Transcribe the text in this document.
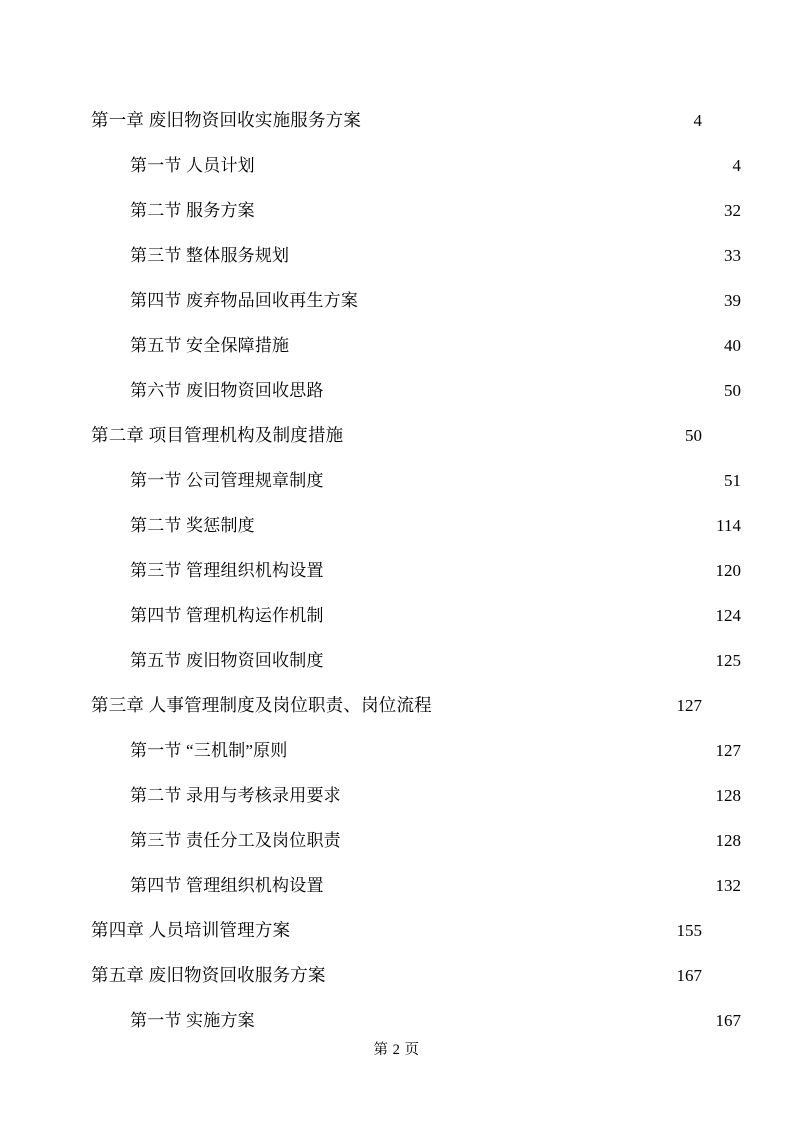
第一章 废旧物资回收实施服务方案 .....	4
第一节 人员计划 .....	4
第二节 服务方案 .....	32
第三节 整体服务规划 .....	33
第四节 废弃物品回收再生方案 .....	39
第五节 安全保障措施 .....	40
第六节 废旧物资回收思路 .....	50
第二章 项目管理机构及制度措施 .....	50
第一节 公司管理规章制度 .....	51
第二节 奖惩制度 .....	114
第三节 管理组织机构设置 .....	120
第四节 管理机构运作机制 .....	124
第五节 废旧物资回收制度 .....	125
第三章 人事管理制度及岗位职责、岗位流程 .....	127
第一节 “三机制”原则 .....	127
第二节 录用与考核录用要求 .....	128
第三节 责任分工及岗位职责 .....	128
第四节 管理组织机构设置 .....	132
第四章 人员培训管理方案 .....	155
第五章 废旧物资回收服务方案 .....	167
第一节 实施方案 .....	167
第 2 页
